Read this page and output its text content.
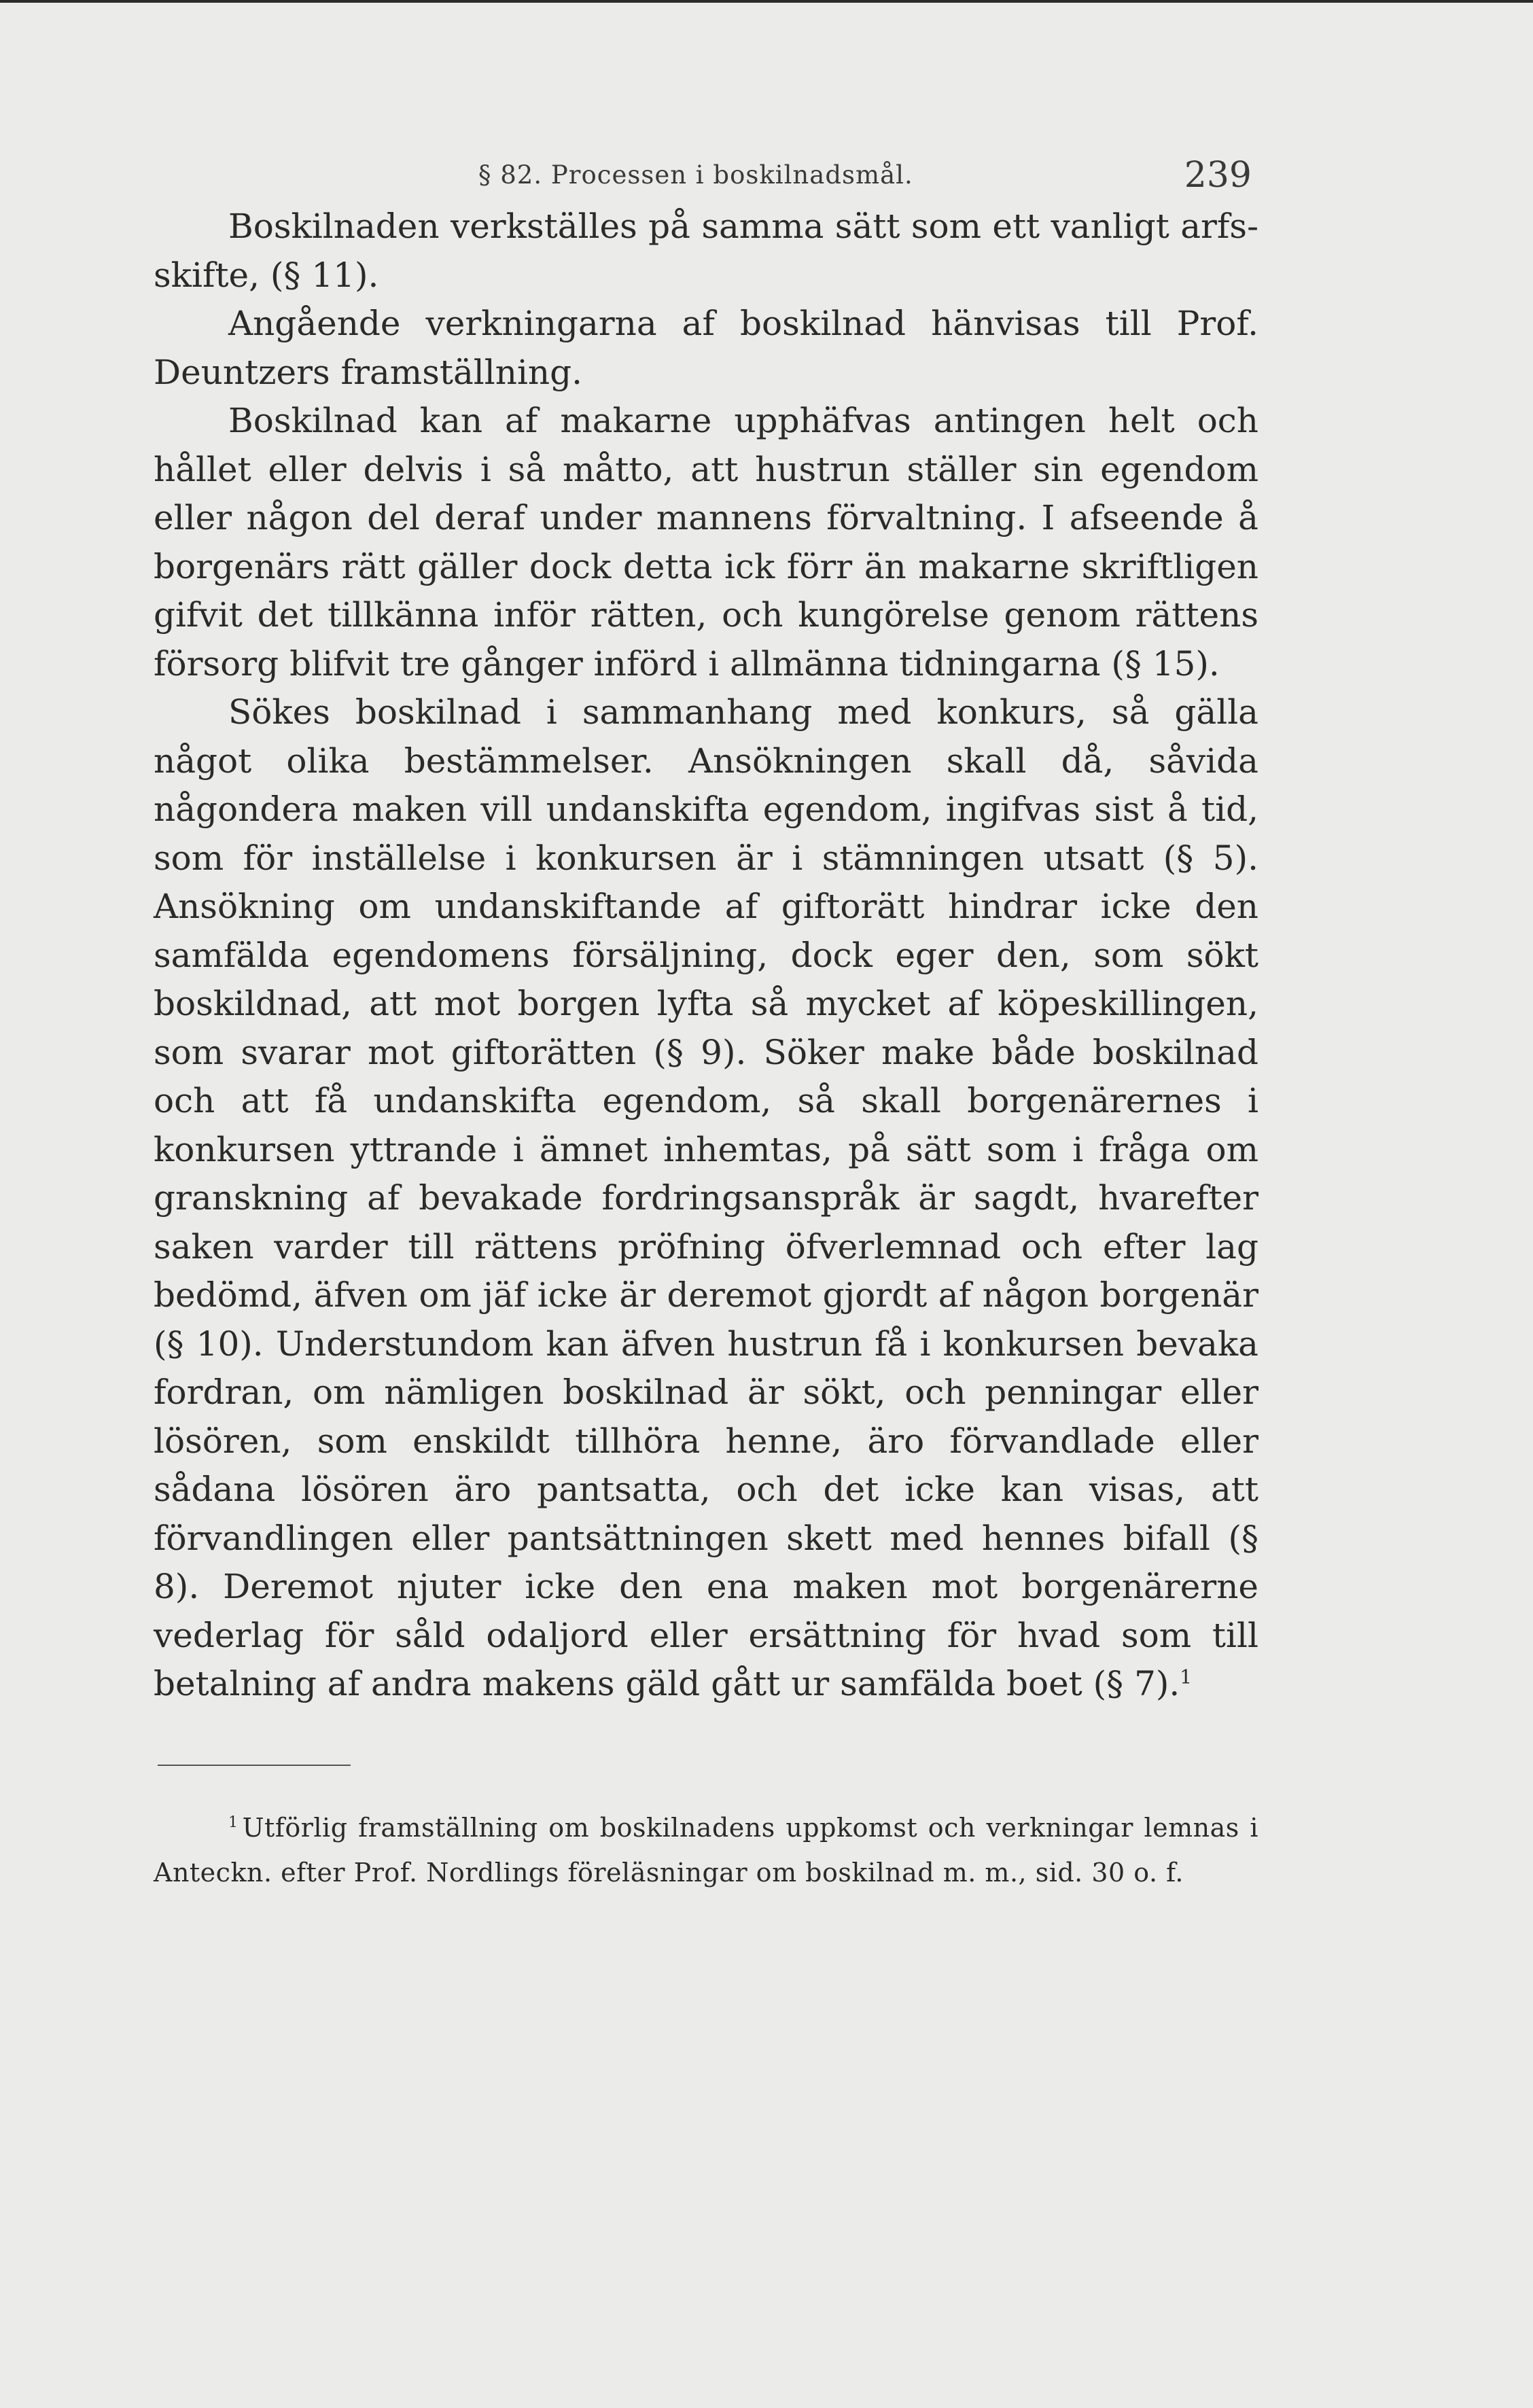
§ 82. Processen i boskilnadsmål.	239

Boskilnaden verkställes på samma sätt som ett vanligt arfsskifte, (§ 11).

Angående verkningarna af boskilnad hänvisas till Prof. Deuntzers framställning.

Boskilnad kan af makarne upphäfvas antingen helt och hållet eller delvis i så måtto, att hustrun ställer sin egendom eller någon del deraf under mannens förvaltning. I afseende å borgenärs rätt gäller dock detta ick förr än makarne skriftligen gifvit det tillkänna inför rätten, och kungörelse genom rättens försorg blifvit tre gånger införd i allmänna tidningarna (§ 15).

Sökes boskilnad i sammanhang med konkurs, så gälla något olika bestämmelser. Ansökningen skall då, såvida någondera maken vill undanskifta egendom, ingifvas sist å tid, som för inställelse i konkursen är i stämningen utsatt (§ 5). Ansökning om undanskiftande af giftorätt hindrar icke den samfälda egendomens försäljning, dock eger den, som sökt boskildnad, att mot borgen lyfta så mycket af köpeskillingen, som svarar mot giftorätten (§ 9). Söker make både boskilnad och att få undanskifta egendom, så skall borgenärernes i konkursen yttrande i ämnet inhemtas, på sätt som i fråga om granskning af bevakade fordringsanspråk är sagdt, hvarefter saken varder till rättens pröfning öfverlemnad och efter lag bedömd, äfven om jäf icke är deremot gjordt af någon borgenär (§ 10). Understundom kan äfven hustrun få i konkursen bevaka fordran, om nämligen boskilnad är sökt, och penningar eller lösören, som enskildt tillhöra henne, äro förvandlade eller sådana lösören äro pantsatta, och det icke kan visas, att förvandlingen eller pantsättningen skett med hennes bifall (§ 8). Deremot njuter icke den ena maken mot borgenärerne vederlag för såld odaljord eller ersättning för hvad som till betalning af andra makens gäld gått ur samfälda boet (§ 7).$^1$

$^1$ Utförlig framställning om boskilnadens uppkomst och verkningar lemnas i Anteckn. efter Prof. Nordlings föreläsningar om boskilnad m. m., sid. 30 o. f.
